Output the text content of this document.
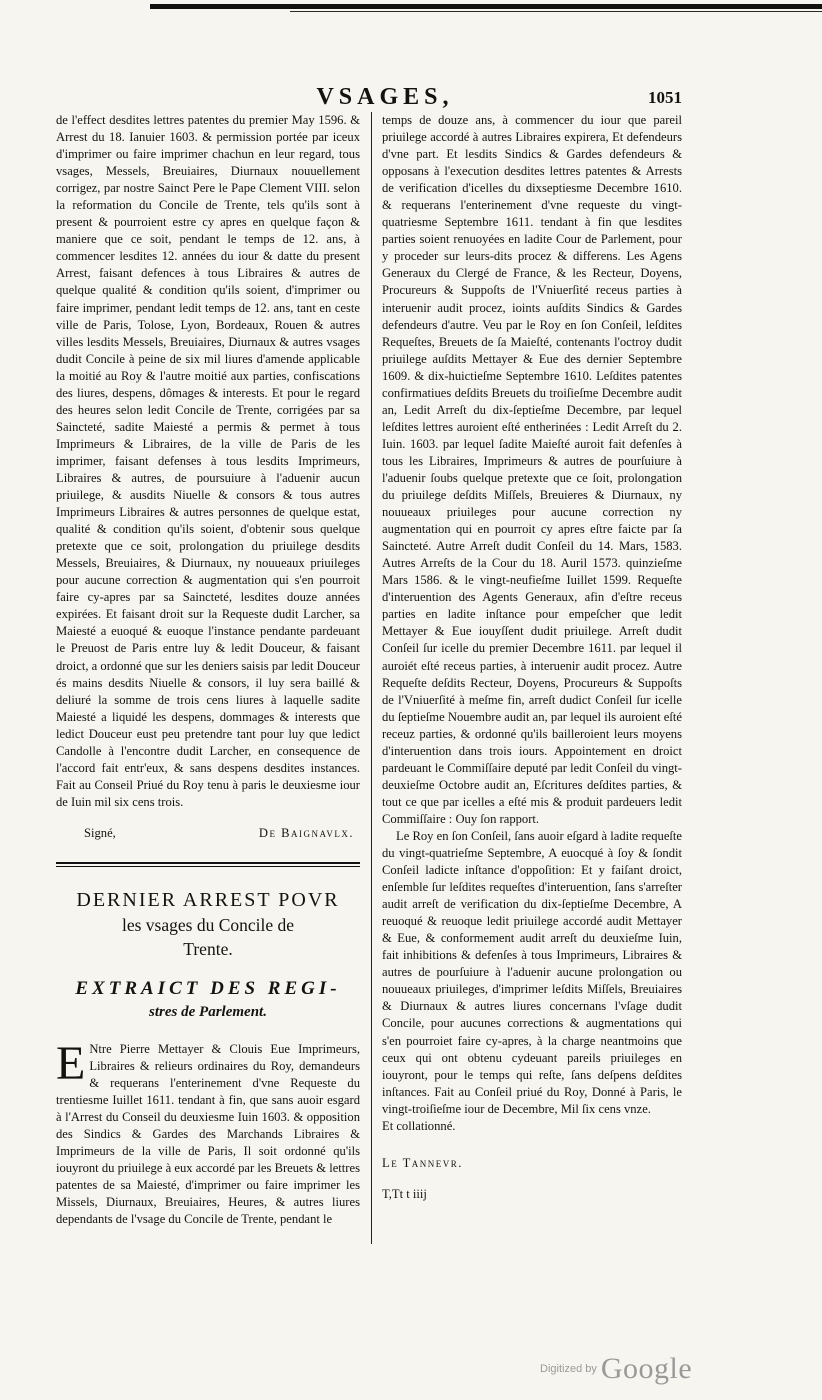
VSAGES,	1051

de l'effect desdites lettres patentes du premier May 1596. & Arrest du 18. Ianuier 1603. & permission portée par iceux d'imprimer ou faire imprimer chachun en leur regard, tous vsages, Messels, Breuiaires, Diurnaux nouuellement corrigez, par nostre Sainct Pere le Pape Clement VIII. selon la reformation du Concile de Trente, tels qu'ils sont à present & pourroient estre cy apres en quelque façon & maniere que ce soit, pendant le temps de 12. ans, à commencer lesdites 12. années du iour & datte du present Arrest, faisant defences à tous Libraires & autres de quelque qualité & condition qu'ils soient, d'imprimer ou faire imprimer, pendant ledit temps de 12. ans, tant en ceste ville de Paris, Tolose, Lyon, Bordeaux, Rouen & autres villes lesdits Messels, Breuiaires, Diurnaux & autres vsages dudit Concile à peine de six mil liures d'amende applicable la moitié au Roy & l'autre moitié aux parties, confiscations des liures, despens, dômages & interests. Et pour le regard des heures selon ledit Concile de Trente, corrigées par sa Saincteté, sadite Maiesté a permis & permet à tous Imprimeurs & Libraires, de la ville de Paris de les imprimer, faisant defenses à tous lesdits Imprimeurs, Libraires & autres, de poursuiure à l'aduenir aucun priuilege, & ausdits Niuelle & consors & tous autres Imprimeurs Libraires & autres personnes de quelque estat, qualité & condition qu'ils soient, d'obtenir sous quelque pretexte que ce soit, prolongation du priuilege desdits Messels, Breuiaires, & Diurnaux, ny nouueaux priuileges pour aucune correction & augmentation qui s'en pourroit faire cy-apres par sa Saincteté, lesdites douze années expirées. Et faisant droit sur la Requeste dudit Larcher, sa Maiesté a euoqué & euoque l'instance pendante pardeuant le Preuost de Paris entre luy & ledit Douceur, & faisant droict, a ordonné que sur les deniers saisis par ledit Douceur és mains desdits Niuelle & consors, il luy sera baillé & deliuré la somme de trois cens liures à laquelle sadite Maiesté a liquidé les despens, dommages & interests que ledict Douceur eust peu pretendre tant pour luy que ledict Candolle à l'encontre dudit Larcher, en consequence de l'accord fait entr'eux, & sans despens desdites instances. Fait au Conseil Priué du Roy tenu à paris le deuxiesme iour de Iuin mil six cens trois.

Signé,	De Baignavlx.

DERNIER ARREST POVR
les vsages du Concile de
Trente.
EXTRAICT DES REGI-
stres de Parlement.
E Ntre Pierre Mettayer & Clouis Eue Imprimeurs, Libraires & relieurs ordinaires du Roy, demandeurs & requerans l'enterinement d'vne Requeste du trentiesme Iuillet 1611. tendant à fin, que sans auoir esgard à l'Arrest du Conseil du deuxiesme Iuin 1603. & opposition des Sindics & Gardes des Marchands Libraires & Imprimeurs de la ville de Paris, Il soit ordonné qu'ils iouyront du priuilege à eux accordé par les Breuets & lettres patentes de sa Maiesté, d'imprimer ou faire imprimer les Missels, Diurnaux, Breuiaires, Heures, & autres liures dependants de l'vsage du Concile de Trente, pendant le

temps de douze ans, à commencer du iour que pareil priuilege accordé à autres Libraires expirera, Et defendeurs d'vne part. Et lesdits Sindics & Gardes defendeurs & opposans à l'execution desdites lettres patentes & Arrests de verification d'icelles du dixseptiesme Decembre 1610. & requerans l'enterinement d'vne requeste du vingt-quatriesme Septembre 1611. tendant à fin que lesdites parties soient renuoyées en ladite Cour de Parlement, pour y proceder sur leurs-dits procez & differens. Les Agens Generaux du Clergé de France, & les Recteur, Doyens, Procureurs & Suppoſts de l'Vniuerſité receus parties à interuenir audit procez, ioints auſdits Sindics & Gardes defendeurs d'autre. Veu par le Roy en ſon Conſeil, leſdites Requeſtes, Breuets de ſa Maieſté, contenants l'octroy dudit priuilege auſdits Mettayer & Eue des dernier Septembre 1609. & dix-huictieſme Septembre 1610. Leſdites patentes confirmatiues deſdits Breuets du troiſieſme Decembre audit an, Ledit Arreſt du dix-ſeptieſme Decembre, par lequel leſdites lettres auroient eſté entherinées : Ledit Arreſt du 2. Iuin. 1603. par lequel ſadite Maieſté auroit fait defenſes à tous les Libraires, Imprimeurs & autres de pourſuiure à l'aduenir ſoubs quelque pretexte que ce ſoit, prolongation du priuilege deſdits Miſſels, Breuieres & Diurnaux, ny nouueaux priuileges pour aucune correction ny augmentation qui en pourroit cy apres eſtre faicte par ſa Saincteté. Autre Arreſt dudit Conſeil du 14. Mars, 1583. Autres Arreſts de la Cour du 18. Auril 1573. quinzieſme Mars 1586. & le vingt-neufieſme Iuillet 1599. Requeſte d'interuention des Agents Generaux, afin d'eſtre receus parties en ladite inſtance pour empeſcher que ledit Mettayer & Eue iouyſſent dudit priuilege. Arreſt dudit Conſeil ſur icelle du premier Decembre 1611. par lequel il auroiét eſté receus parties, à interuenir audit procez. Autre Requeſte deſdits Recteur, Doyens, Procureurs & Suppoſts de l'Vniuerſité à meſme fin, arreſt dudict Conſeil ſur icelle du ſeptieſme Nouembre audit an, par lequel ils auroient eſté receuz parties, & ordonné qu'ils bailleroient leurs moyens d'interuention dans trois iours. Appointement en droict pardeuant le Commiſſaire deputé par ledit Conſeil du vingt-deuxieſme Octobre audit an, Eſcritures deſdites parties, & tout ce que par icelles a eſté mis & produit pardeuers ledit Commiſſaire : Ouy ſon rapport.

Le Roy en ſon Conſeil, ſans auoir eſgard à ladite requeſte du vingt-quatrieſme Septembre, A euocqué à ſoy & ſondit Conſeil ladicte inſtance d'oppoſition: Et y faiſant droict, enſemble ſur leſdites requeſtes d'interuention, ſans s'arreſter audit arreſt de verification du dix-ſeptieſme Decembre, A reuoqué & reuoque ledit priuilege accordé audit Mettayer & Eue, & conformement audit arreſt du deuxieſme Iuin, fait inhibitions & defenſes à tous Imprimeurs, Libraires & autres de pourſuiure à l'aduenir aucune prolongation ou nouueaux priuileges, d'imprimer leſdits Miſſels, Breuiaires & Diurnaux & autres liures concernans l'vſage dudit Concile, pour aucunes corrections & augmentations qui s'en pourroiet faire cy-apres, à la charge neantmoins que ceux qui ont obtenu cydeuant pareils priuileges en iouyront, pour le temps qui reſte, ſans deſpens deſdites inſtances. Fait au Conſeil priué du Roy, Donné à Paris, le vingt-troiſieſme iour de Decembre, Mil ſix cens vnze.

Et collationné.

Le Tannevr.

T,Tt t iiij

$^{Digitized by}$ Google
